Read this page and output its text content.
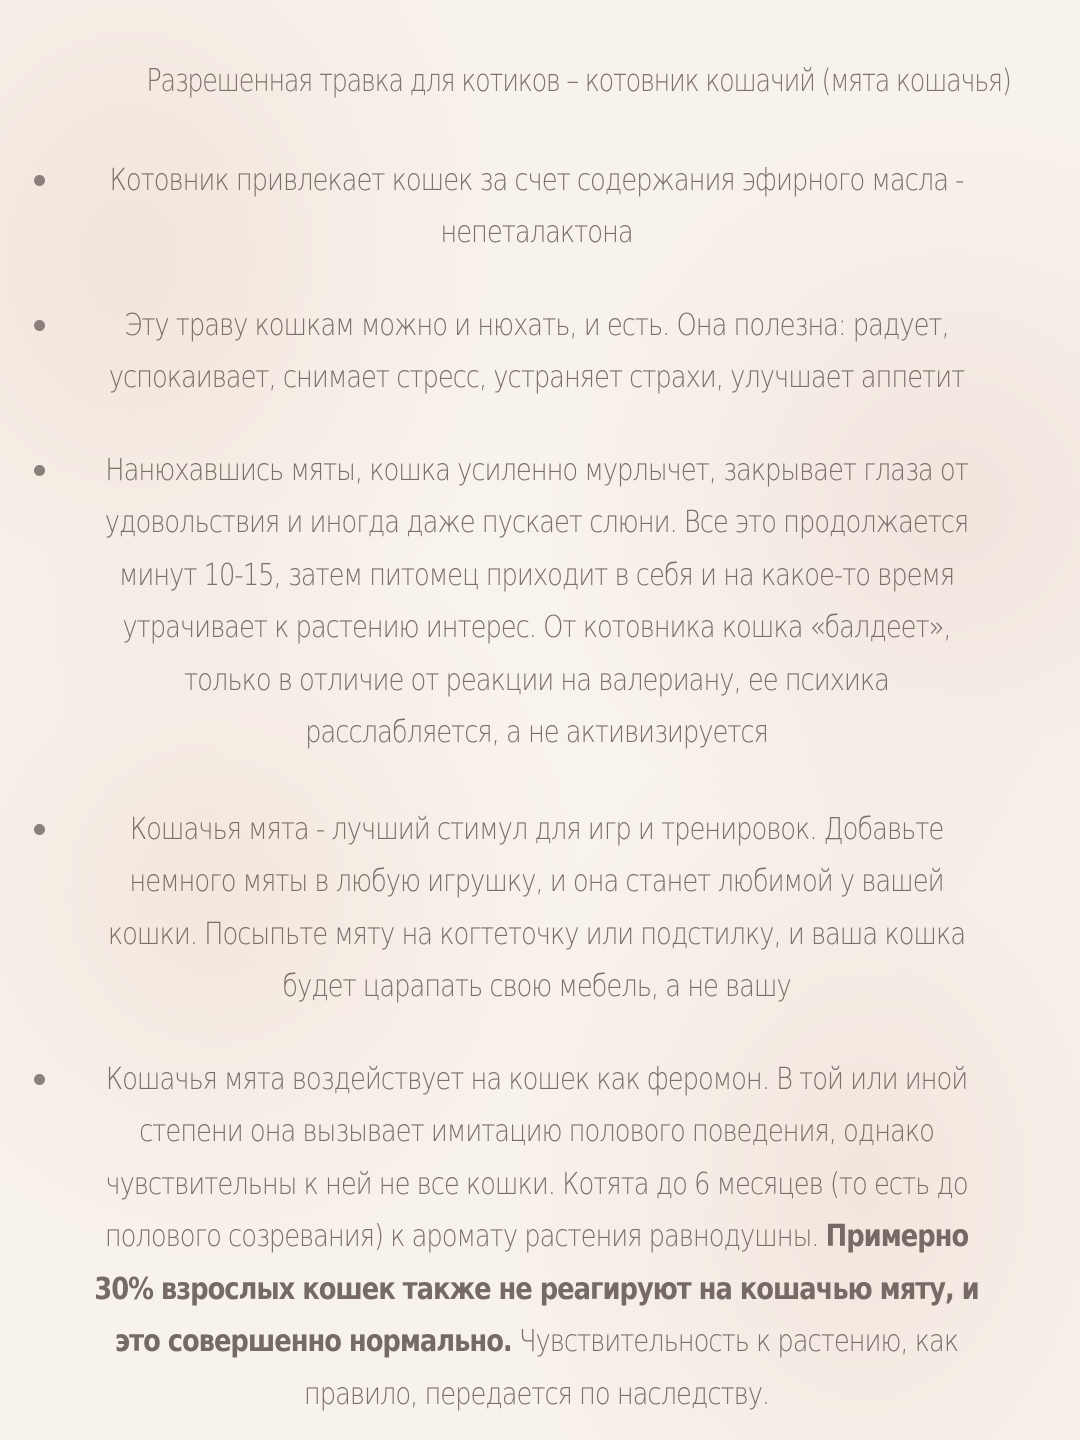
Разрешенная травка для котиков – котовник кошачий (мята кошачья)

Котовник привлекает кошек за счет содержания эфирного масла - непеталактона

Эту траву кошкам можно и нюхать, и есть. Она полезна: радует, успокаивает, снимает стресс, устраняет страхи, улучшает аппетит

Нанюхавшись мяты, кошка усиленно мурлычет, закрывает глаза от удовольствия и иногда даже пускает слюни. Все это продолжается минут 10-15, затем питомец приходит в себя и на какое-то время утрачивает к растению интерес. От котовника кошка «балдеет», только в отличие от реакции на валериану, ее психика расслабляется, а не активизируется

Кошачья мята - лучший стимул для игр и тренировок. Добавьте немного мяты в любую игрушку, и она станет любимой у вашей кошки. Посыпьте мяту на когтеточку или подстилку, и ваша кошка будет царапать свою мебель, а не вашу

Кошачья мята воздействует на кошек как феромон. В той или иной степени она вызывает имитацию полового поведения, однако чувствительны к ней не все кошки. Котята до 6 месяцев (то есть до полового созревания) к аромату растения равнодушны. Примерно 30% взрослых кошек также не реагируют на кошачью мяту, и это совершенно нормально. Чувствительность к растению, как правило, передается по наследству.
